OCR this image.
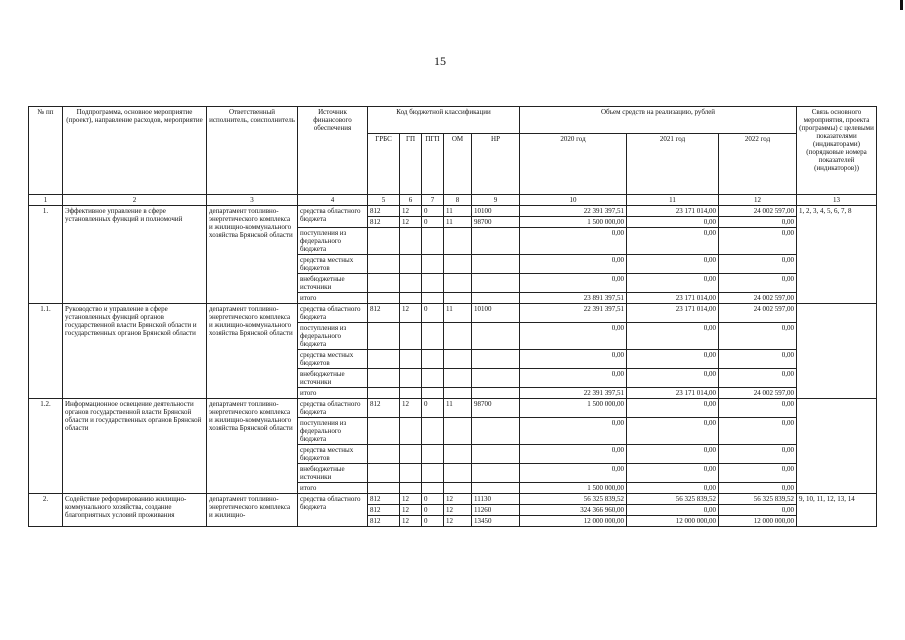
15
№ пп	Подпрограмма, основное мероприятие (проект), направление расходов, мероприятие	Ответственный исполнитель, соисполнитель	Источник финансового обеспечения	Код бюджетной классификации					Объем средств на реализацию, рублей			Связь основного мероприятия, проекта (программы) с целевыми показателями (индикаторами) (порядковые номера показателей (индикаторов))
				ГРБС	ГП	ПГП	ОМ	НР	2020 год	2021 год	2022 год	
1	2	3	4	5	6	7	8	9	10	11	12	13
1.	Эффективное управление в сфере установленных функций и полномочий	департамент топливно-энергетического комплекса и жилищно-коммунального хозяйства Брянской области	средства областного бюджета	812	12	0	11	10100	22 391 397,51	23 171 014,00	24 002 597,00	1, 2, 3, 4, 5, 6, 7, 8
				812	12	0	11	98700	1 500 000,00	0,00	0,00	
			поступления из федерального бюджета						0,00	0,00	0,00	
			средства местных бюджетов						0,00	0,00	0,00	
			внебюджетные источники						0,00	0,00	0,00	
			итого						23 891 397,51	23 171 014,00	24 002 597,00	
1.1.	Руководство и управление в сфере установленных функций органов государственной власти Брянской области и государственных органов Брянской области	департамент топливно-энергетического комплекса и жилищно-коммунального хозяйства Брянской области	средства областного бюджета	812	12	0	11	10100	22 391 397,51	23 171 014,00	24 002 597,00	
			поступления из федерального бюджета						0,00	0,00	0,00	
			средства местных бюджетов						0,00	0,00	0,00	
			внебюджетные источники						0,00	0,00	0,00	
			итого						22 391 397,51	23 171 014,00	24 002 597,00	
1.2.	Информационное освещение деятельности органов государственной власти Брянской области и государственных органов Брянской области	департамент топливно-энергетического комплекса и жилищно-коммунального хозяйства Брянской области	средства областного бюджета	812	12	0	11	98700	1 500 000,00	0,00	0,00	
			поступления из федерального бюджета						0,00	0,00	0,00	
			средства местных бюджетов						0,00	0,00	0,00	
			внебюджетные источники						0,00	0,00	0,00	
			итого						1 500 000,00	0,00	0,00	
2.	Содействие реформированию жилищно-коммунального хозяйства, создание благоприятных условий проживания	департамент топливно-энергетического комплекса и жилищно-	средства областного бюджета	812	12	0	12	11130	56 325 839,52	56 325 839,52	56 325 839,52	9, 10, 11, 12, 13, 14
				812	12	0	12	11260	324 366 960,00	0,00	0,00	
				812	12	0	12	13450	12 000 000,00	12 000 000,00	12 000 000,00	
